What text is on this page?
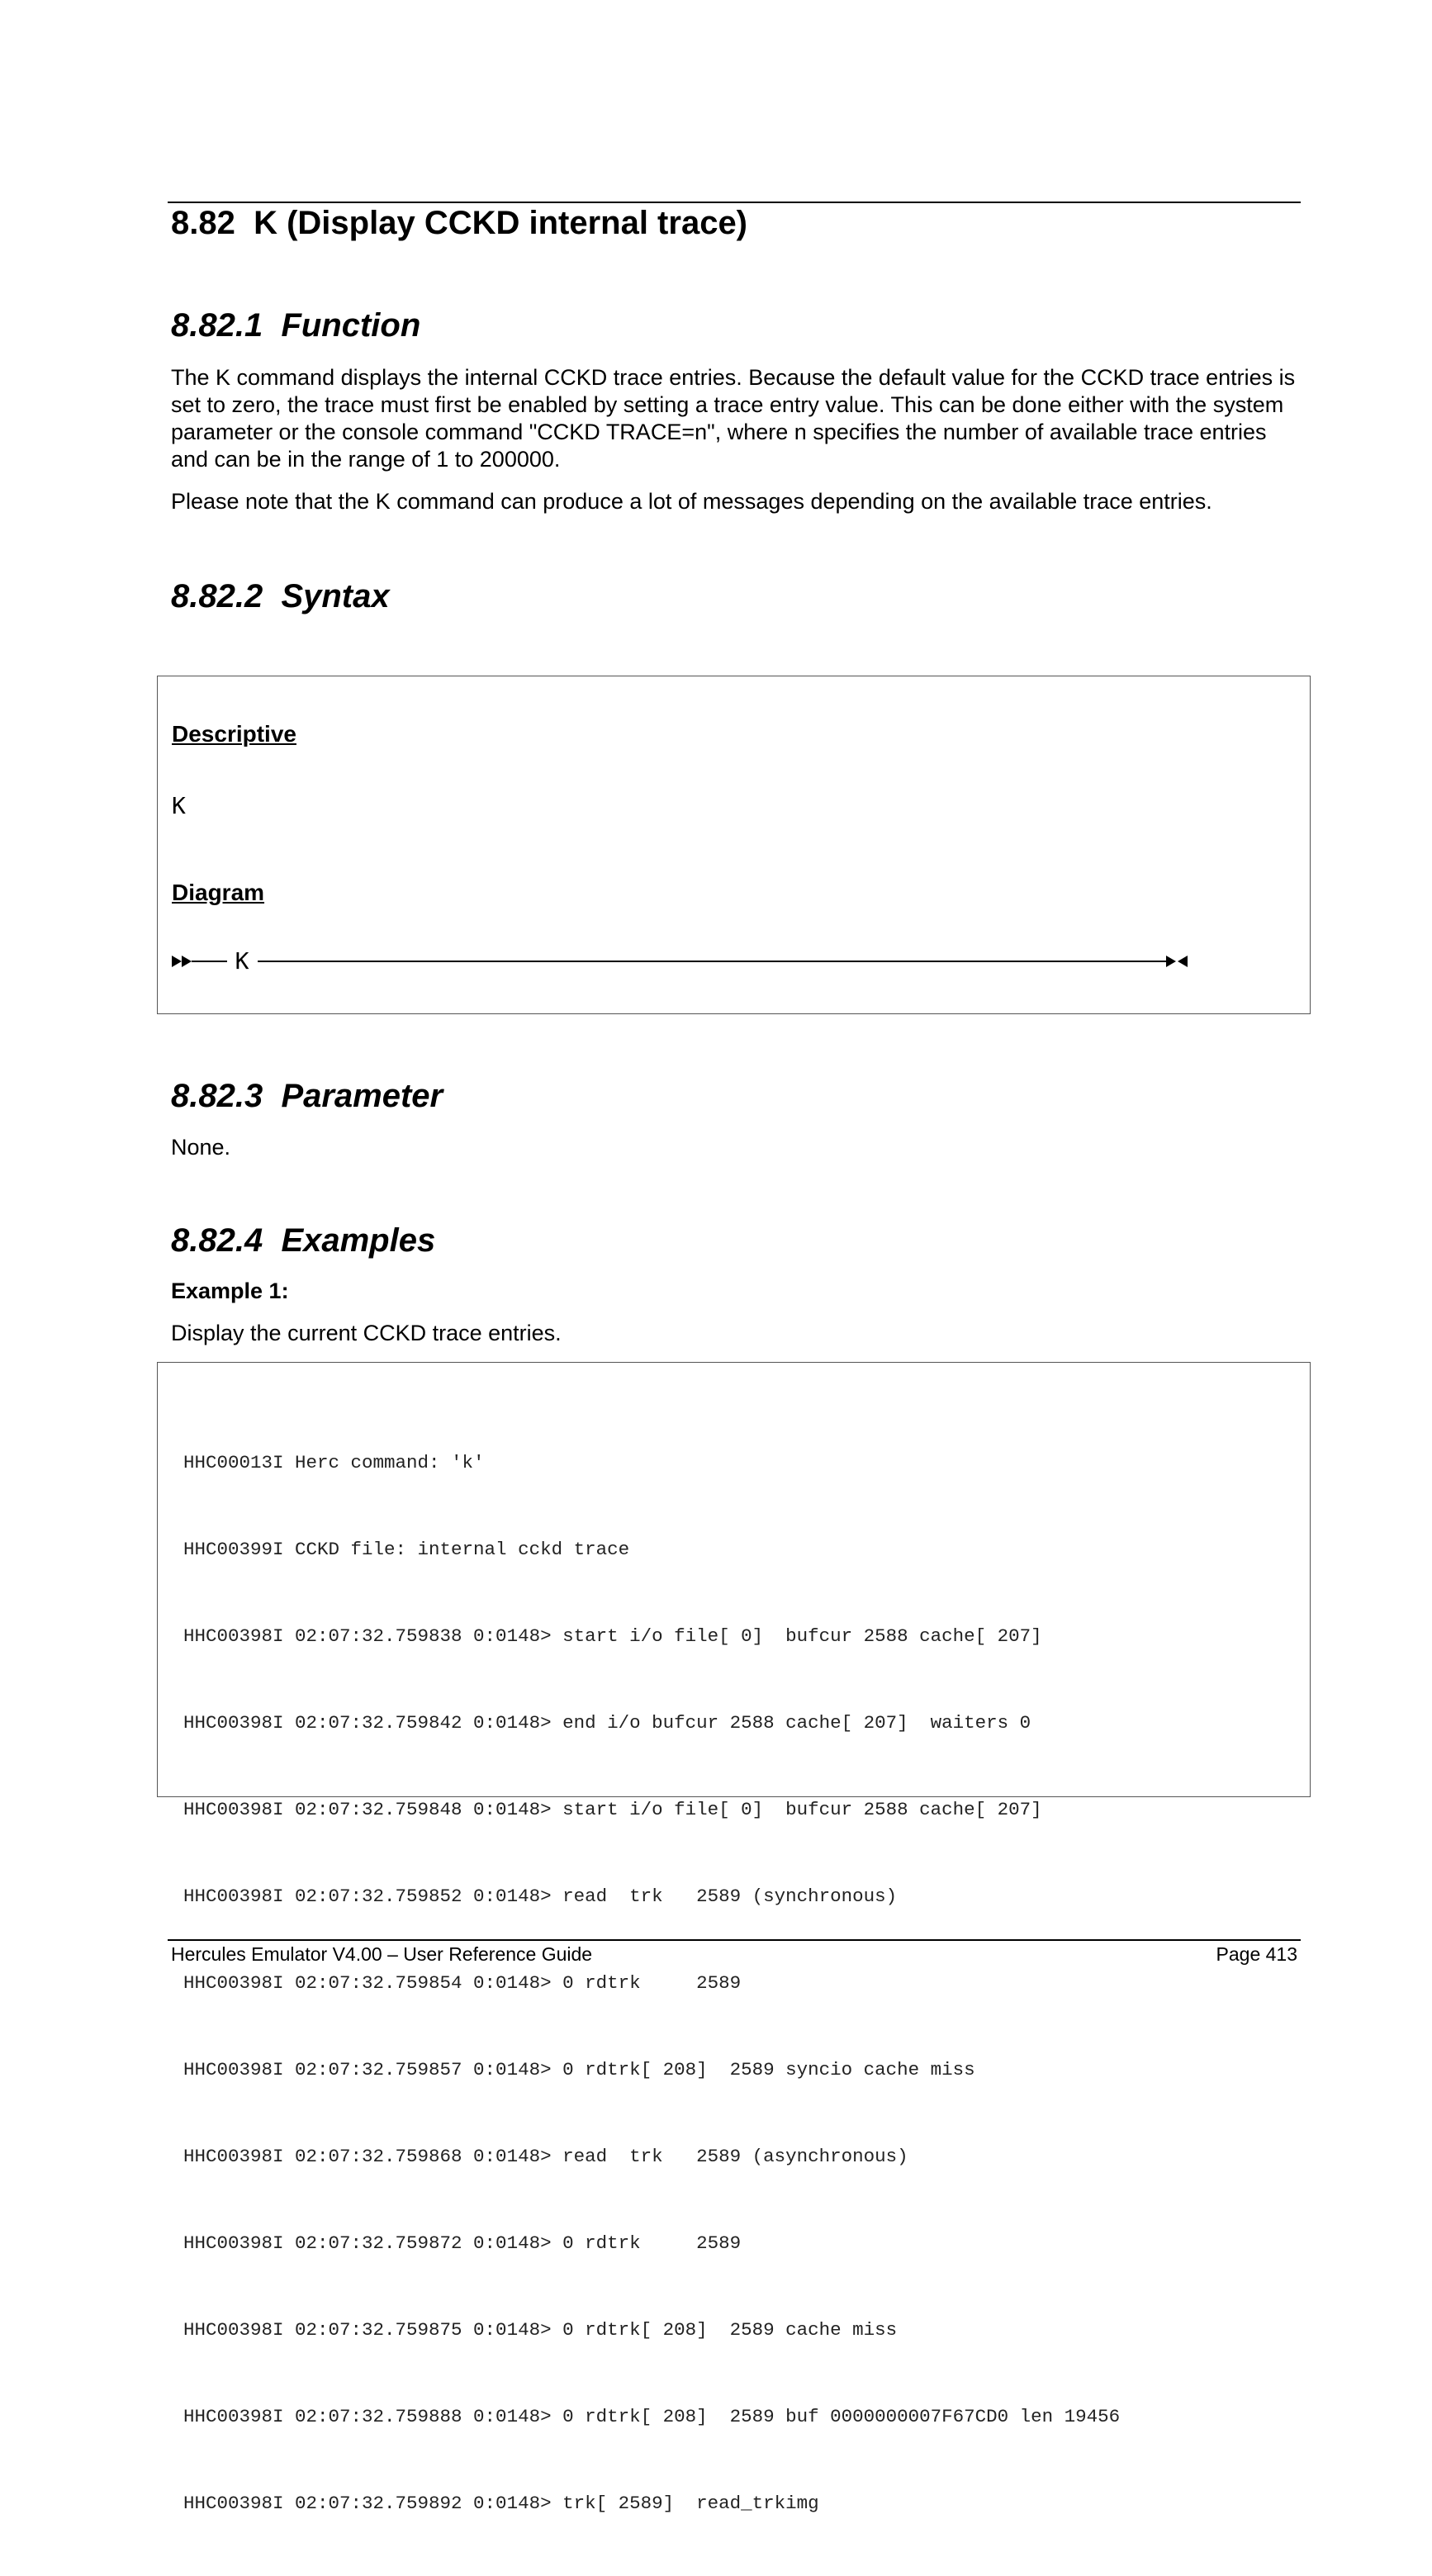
8.82 K (Display CCKD internal trace)
8.82.1  Function

The K command displays the internal CCKD trace entries. Because the default value for the CCKD trace entries is set to zero, the trace must first be enabled by setting a trace entry value. This can be done either with the system parameter or the console command "CCKD TRACE=n", where n specifies the number of available trace entries and can be in the range of 1 to 200000.

Please note that the K command can produce a lot of messages depending on the available trace entries.

8.82.2  Syntax
Descriptive
K
Diagram
K
8.82.3  Parameter

None.

8.82.4  Examples

Example 1:

Display the current CCKD trace entries.

HHC00013I Herc command: 'k'

HHC00399I CCKD file: internal cckd trace

HHC00398I 02:07:32.759838 0:0148> start i/o file[ 0]  bufcur 2588 cache[ 207]

HHC00398I 02:07:32.759842 0:0148> end i/o bufcur 2588 cache[ 207]  waiters 0

HHC00398I 02:07:32.759848 0:0148> start i/o file[ 0]  bufcur 2588 cache[ 207]

HHC00398I 02:07:32.759852 0:0148> read  trk   2589 (synchronous)

HHC00398I 02:07:32.759854 0:0148> 0 rdtrk     2589

HHC00398I 02:07:32.759857 0:0148> 0 rdtrk[ 208]  2589 syncio cache miss

HHC00398I 02:07:32.759868 0:0148> read  trk   2589 (asynchronous)

HHC00398I 02:07:32.759872 0:0148> 0 rdtrk     2589

HHC00398I 02:07:32.759875 0:0148> 0 rdtrk[ 208]  2589 cache miss

HHC00398I 02:07:32.759888 0:0148> 0 rdtrk[ 208]  2589 buf 0000000007F67CD0 len 19456

HHC00398I 02:07:32.759892 0:0148> trk[ 2589]  read_trkimg

Hercules Emulator V4.00 – User Reference Guide	Page 413
